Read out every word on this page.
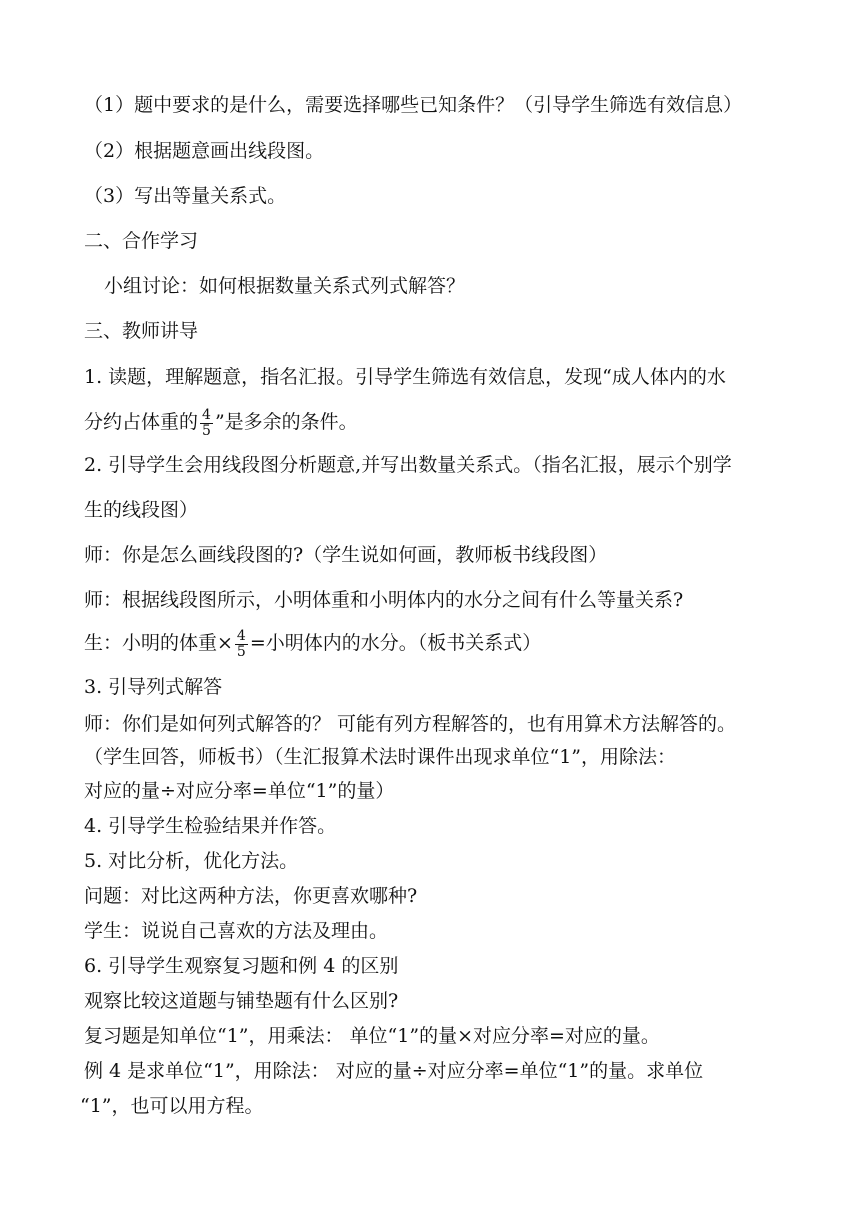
（1）题中要求的是什么，需要选择哪些已知条件？（引导学生筛选有效信息）
（2）根据题意画出线段图。
（3）写出等量关系式。
二、合作学习
小组讨论：如何根据数量关系式列式解答？
三、教师讲导
1. 读题，理解题意，指名汇报。引导学生筛选有效信息，发现“成人体内的水
分约占体重的 $\frac{4}{5}$ ”是多余的条件。
2. 引导学生会用线段图分析题意,并写出数量关系式。（指名汇报，展示个别学
生的线段图）
师：你是怎么画线段图的?（学生说如何画，教师板书线段图）
师：根据线段图所示，小明体重和小明体内的水分之间有什么等量关系?
生：小明的体重× $\frac{4}{5}$ =小明体内的水分。（板书关系式）
3. 引导列式解答
师：你们是如何列式解答的？ 可能有列方程解答的，也有用算术方法解答的。
（学生回答，师板书）（生汇报算术法时课件出现求单位“1”，用除法：
对应的量÷对应分率=单位“1”的量）
4. 引导学生检验结果并作答。
5. 对比分析，优化方法。
问题：对比这两种方法，你更喜欢哪种?
学生：说说自己喜欢的方法及理由。
6. 引导学生观察复习题和例 4 的区别
观察比较这道题与铺垫题有什么区别?
复习题是知单位“1”，用乘法： 单位“1”的量×对应分率=对应的量。
例 4 是求单位“1”，用除法： 对应的量÷对应分率=单位“1”的量。求单位
“1”，也可以用方程。
